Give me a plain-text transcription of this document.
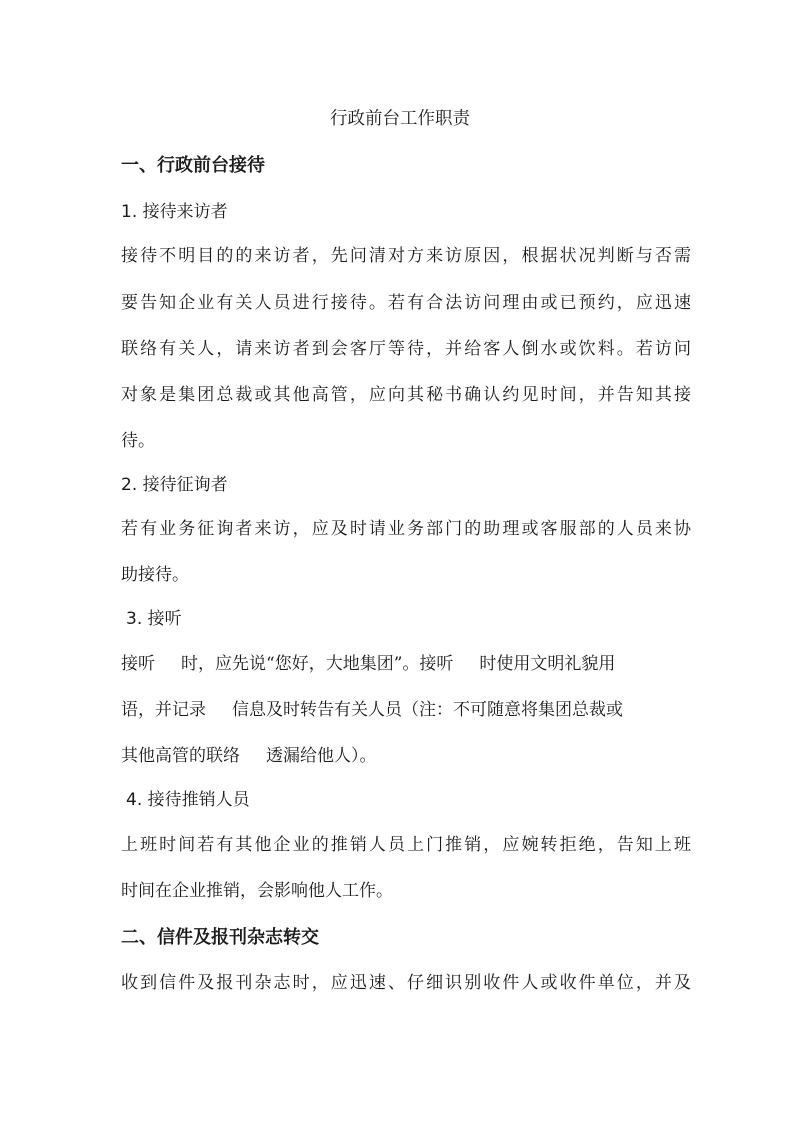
行政前台工作职责

一、行政前台接待

1. 接待来访者

接待不明目的的来访者，先问清对方来访原因，根据状况判断与否需

要告知企业有关人员进行接待。若有合法访问理由或已预约，应迅速

联络有关人，请来访者到会客厅等待，并给客人倒水或饮料。若访问

对象是集团总裁或其他高管，应向其秘书确认约见时间，并告知其接

待。

2. 接待征询者

若有业务征询者来访，应及时请业务部门的助理或客服部的人员来协

助接待。

3. 接听

接听 时，应先说“您好，大地集团”。接听 时使用文明礼貌用

语，并记录 信息及时转告有关人员（注：不可随意将集团总裁或

其他高管的联络 透漏给他人）。

4. 接待推销人员

上班时间若有其他企业的推销人员上门推销，应婉转拒绝，告知上班

时间在企业推销，会影响他人工作。

二、信件及报刊杂志转交

收到信件及报刊杂志时，应迅速、仔细识别收件人或收件单位，并及
